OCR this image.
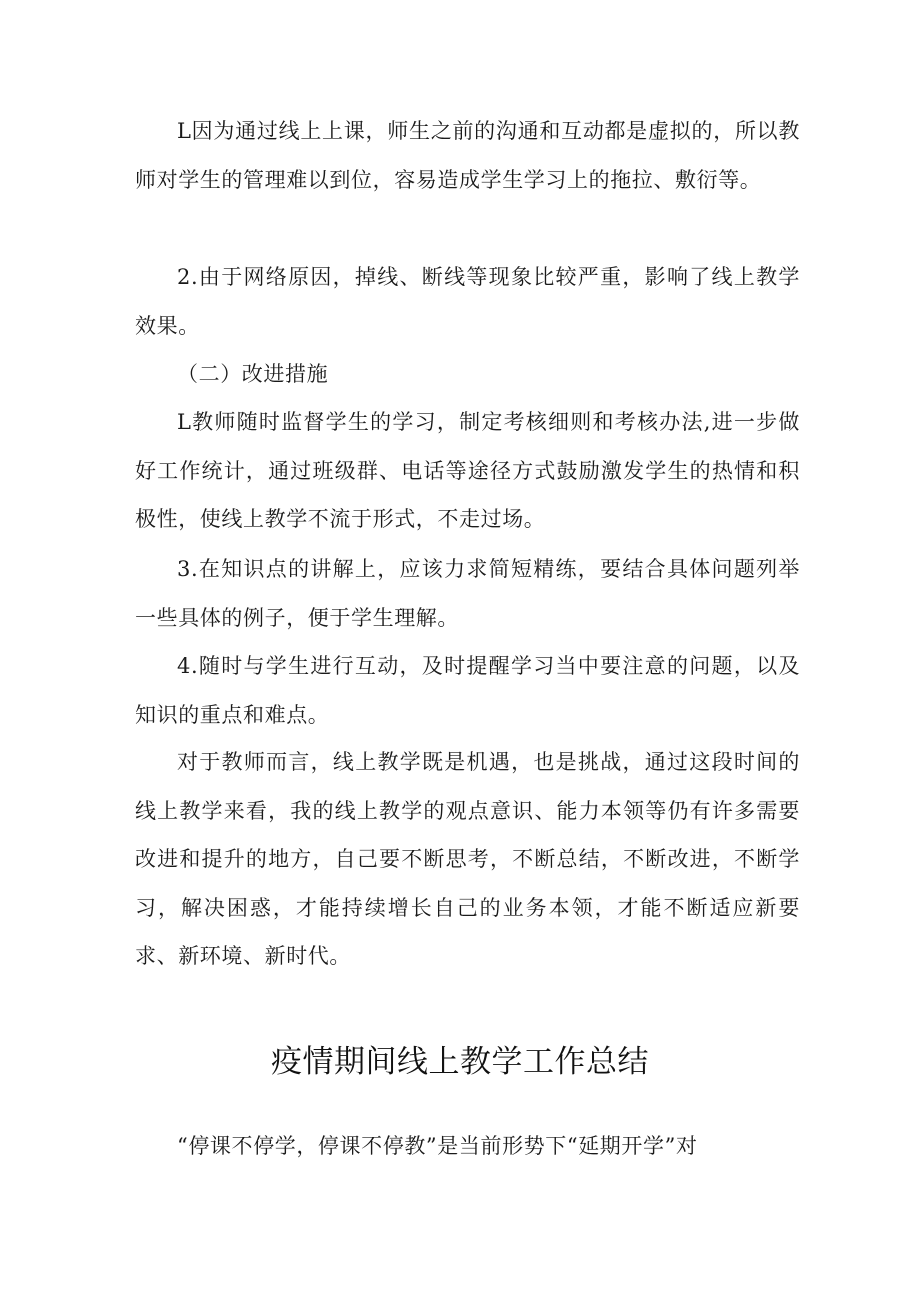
L因为通过线上上课，师生之前的沟通和互动都是虚拟的，所以教师对学生的管理难以到位，容易造成学生学习上的拖拉、敷衍等。

2.由于网络原因，掉线、断线等现象比较严重，影响了线上教学效果。

（二）改进措施

L教师随时监督学生的学习，制定考核细则和考核办法,进一步做好工作统计，通过班级群、电话等途径方式鼓励激发学生的热情和积极性，使线上教学不流于形式，不走过场。

3.在知识点的讲解上，应该力求简短精练，要结合具体问题列举一些具体的例子，便于学生理解。

4.随时与学生进行互动，及时提醒学习当中要注意的问题，以及知识的重点和难点。

对于教师而言，线上教学既是机遇，也是挑战，通过这段时间的线上教学来看，我的线上教学的观点意识、能力本领等仍有许多需要改进和提升的地方，自己要不断思考，不断总结，不断改进，不断学习，解决困惑，才能持续增长自己的业务本领，才能不断适应新要求、新环境、新时代。

疫情期间线上教学工作总结

“停课不停学，停课不停教”是当前形势下“延期开学”对
